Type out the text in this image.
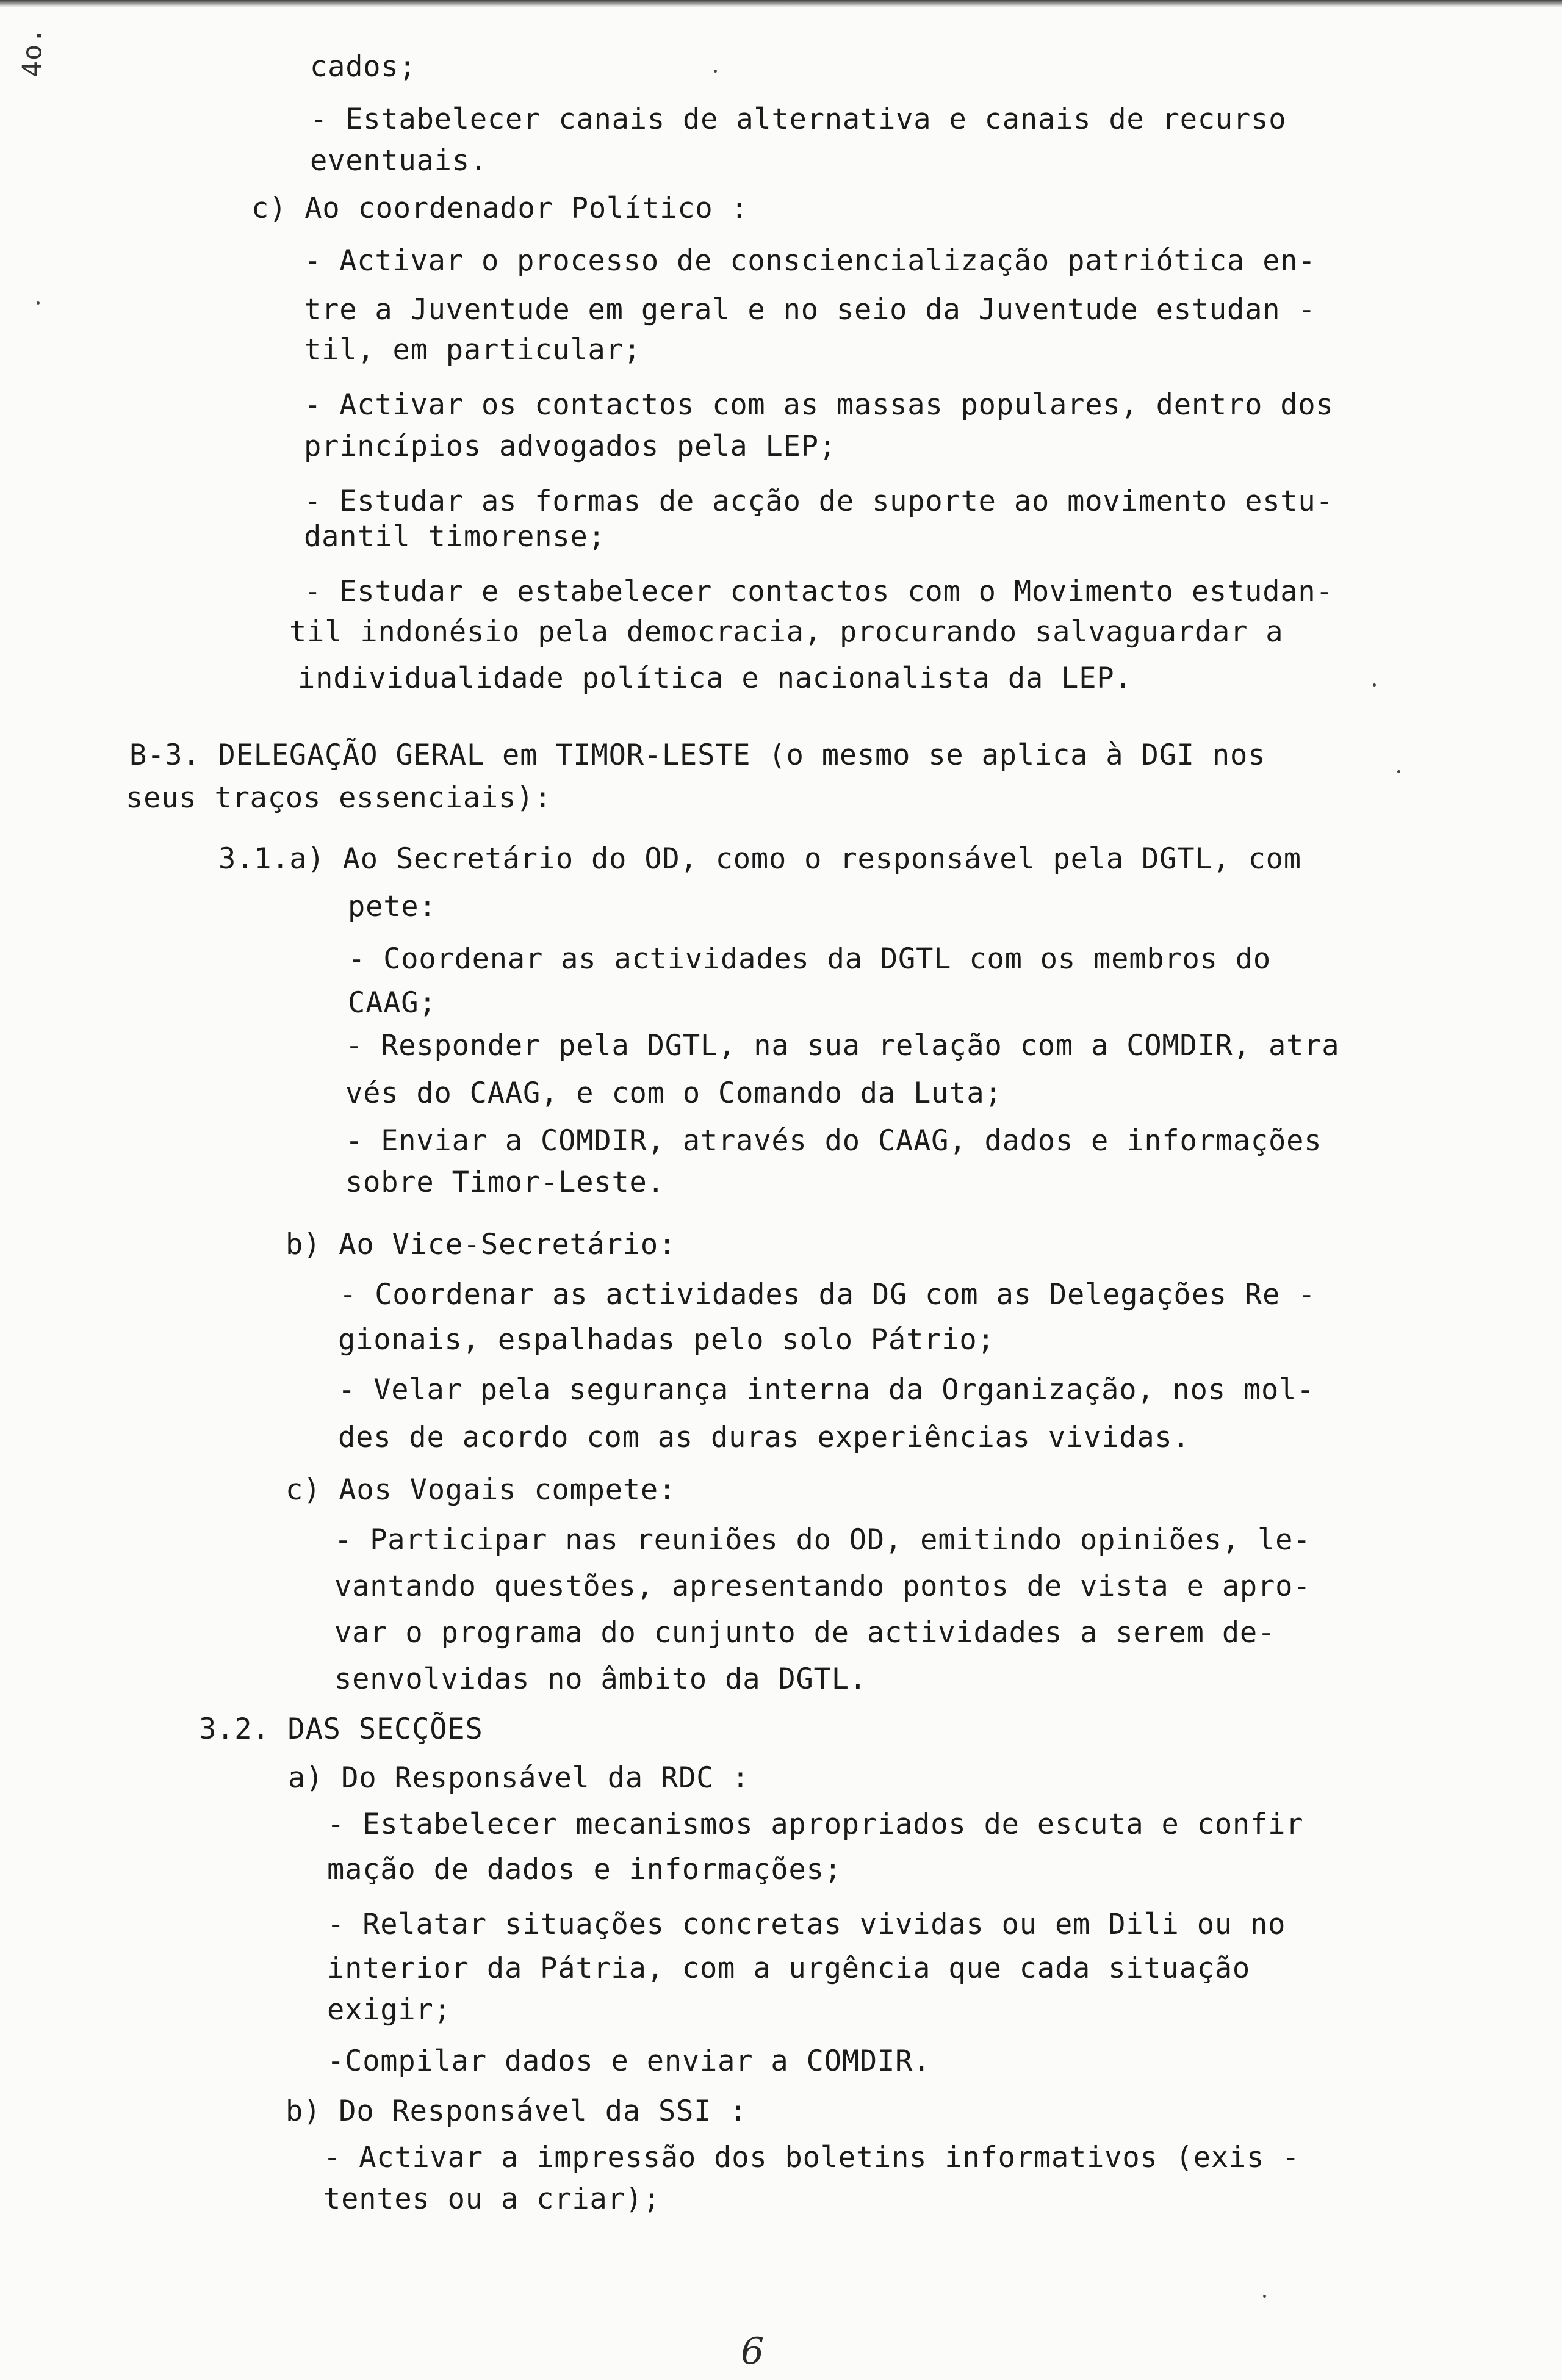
4o.	cados;
- Estabelecer canais de alternativa e canais de recurso
eventuais.
c) Ao coordenador Político :
- Activar o processo de consciencialização patriótica en-
tre a Juventude em geral e no seio da Juventude estudan -
til, em particular;
- Activar os contactos com as massas populares, dentro dos
princípios advogados pela LEP;
- Estudar as formas de acção de suporte ao movimento estu-
dantil timorense;
- Estudar e estabelecer contactos com o Movimento estudan-
til indonésio pela democracia, procurando salvaguardar a
individualidade política e nacionalista da LEP.
B-3. DELEGAÇÃO GERAL em TIMOR-LESTE (o mesmo se aplica à DGI nos
seus traços essenciais):
3.1.a) Ao Secretário do OD, como o responsável pela DGTL, com
pete:
- Coordenar as actividades da DGTL com os membros do
CAAG;
- Responder pela DGTL, na sua relação com a COMDIR, atra
vés do CAAG, e com o Comando da Luta;
- Enviar a COMDIR, através do CAAG, dados e informações
sobre Timor-Leste.
b) Ao Vice-Secretário:
- Coordenar as actividades da DG com as Delegações Re -
gionais, espalhadas pelo solo Pátrio;
- Velar pela segurança interna da Organização, nos mol-
des de acordo com as duras experiências vividas.
c) Aos Vogais compete:
- Participar nas reuniões do OD, emitindo opiniões, le-
vantando questões, apresentando pontos de vista e apro-
var o programa do cunjunto de actividades a serem de-
senvolvidas no âmbito da DGTL.
3.2. DAS SECÇÕES
a) Do Responsável da RDC :
- Estabelecer mecanismos apropriados de escuta e confir
mação de dados e informações;
- Relatar situações concretas vividas ou em Dili ou no
interior da Pátria, com a urgência que cada situação
exigir;
-Compilar dados e enviar a COMDIR.
b) Do Responsável da SSI :
- Activar a impressão dos boletins informativos (exis -
tentes ou a criar);
6
